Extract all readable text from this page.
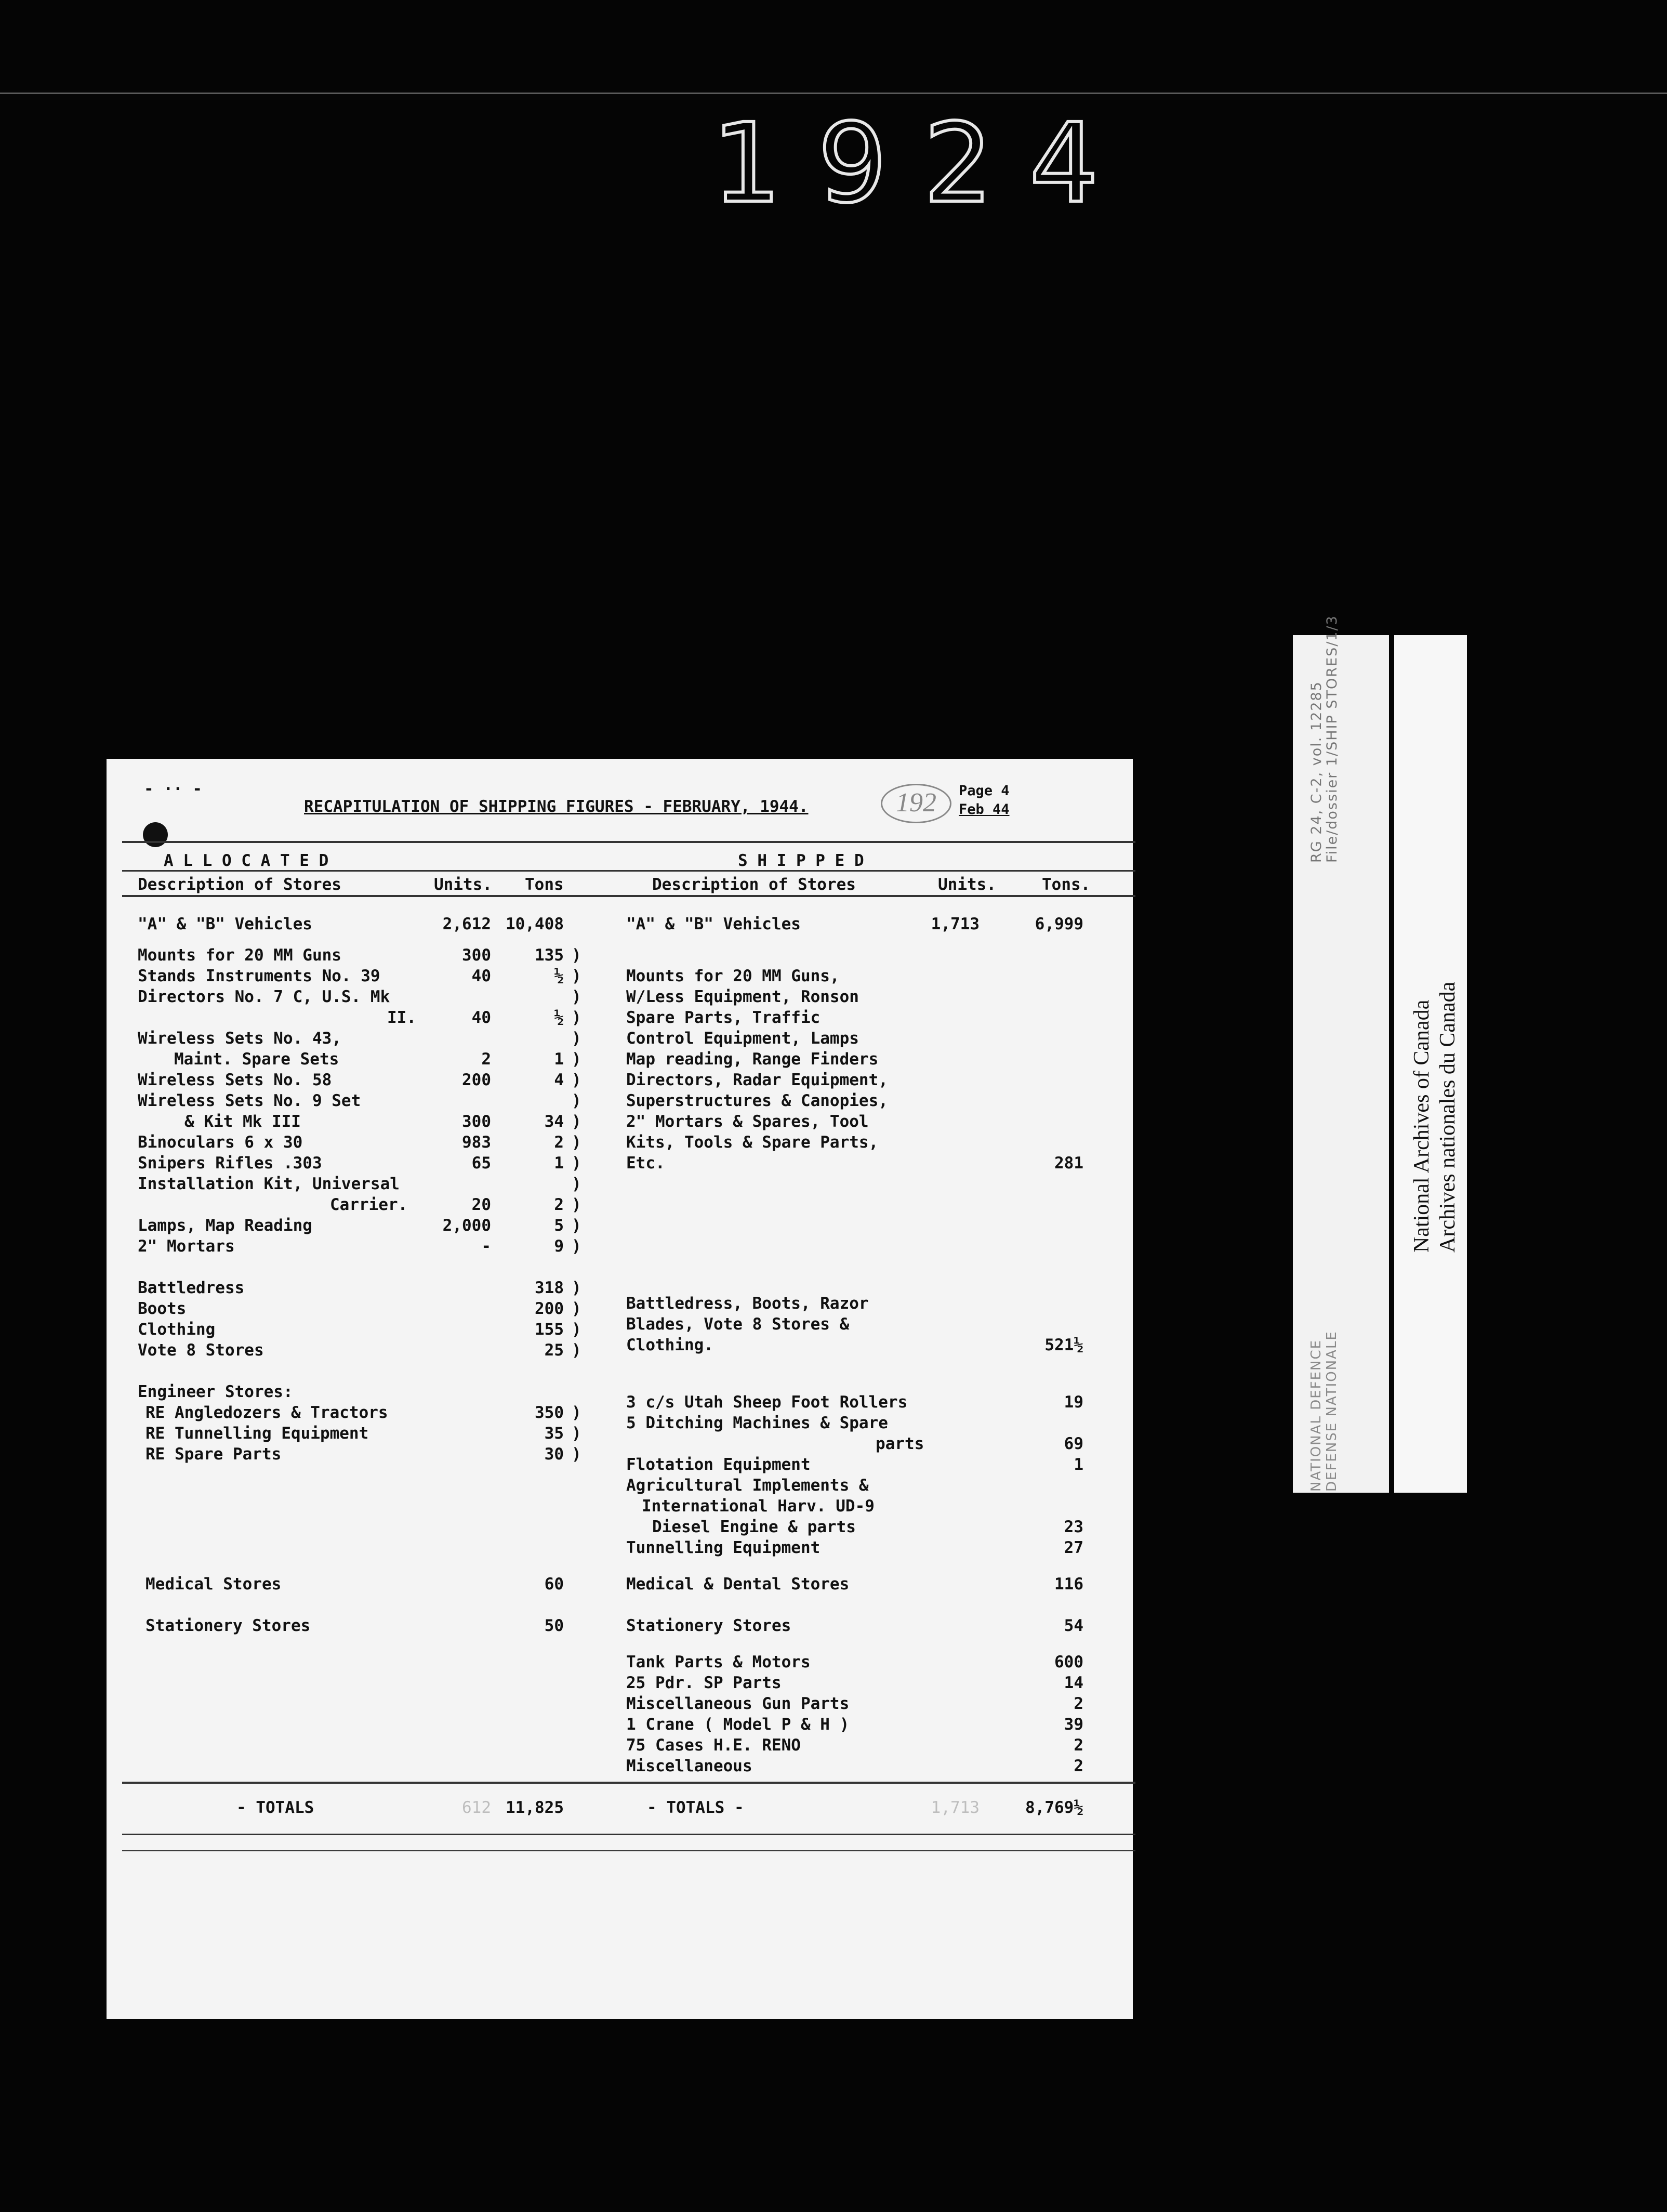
1924
NATIONAL DEFENCE DEFENSE NATIONALE
RG 24, C-2, vol. 12285 File/dossier 1/SHIP STORES/1/3
National Archives of Canada Archives nationales du Canada
- ·· -
RECAPITULATION OF SHIPPING FIGURES - FEBRUARY, 1944.	192	Page 4
Feb 44
A L L O C A T E D	S H I P P E D
Description of Stores	Units. Tons	Description of Stores	Units.	Tons.
"A" & "B" Vehicles	2,612 10,408
Mounts for 20 MM Guns	300	135
Stands Instruments No. 39	40	½
Directors No. 7 C, U.S. Mk
II.	40	½
Wireless Sets No. 43,
Maint. Spare Sets	2	1
Wireless Sets No. 58	200	4
Wireless Sets No. 9 Set
& Kit Mk III	300	34
Binoculars 6 x 30	983	2
Snipers Rifles .303	65	1
Installation Kit, Universal
Carrier.	20	2
Lamps, Map Reading	2,000	5
2" Mortars	-	9
)
)
)
)
)
)
)
)
)
)
)
)
)
)
)
Battledress	318
Boots	200
Clothing	155
Vote 8 Stores	25
)
)
)
)
Engineer Stores:
RE Angledozers & Tractors	350
RE Tunnelling Equipment	35
RE Spare Parts	30
)
)
)
Medical Stores	60
Stationery Stores	50
"A" & "B" Vehicles	1,713	6,999
Mounts for 20 MM Guns,
W/Less Equipment, Ronson
Spare Parts, Traffic
Control Equipment, Lamps
Map reading, Range Finders
Directors, Radar Equipment,
Superstructures & Canopies,
2" Mortars & Spares, Tool
Kits, Tools & Spare Parts,
Etc.	281
Battledress, Boots, Razor
Blades, Vote 8 Stores &
Clothing.	521½
3 c/s Utah Sheep Foot Rollers	19
5 Ditching Machines & Spare
parts	69
Flotation Equipment	1
Agricultural Implements &
International Harv. UD-9
Diesel Engine & parts	23
Tunnelling Equipment	27
Medical & Dental Stores	116
Stationery Stores	54
Tank Parts & Motors	600
25 Pdr. SP Parts	14
Miscellaneous Gun Parts	2
1 Crane ( Model P & H )	39
75 Cases H.E. RENO	2
Miscellaneous	2
- TOTALS	612 11,825	- TOTALS -	1,713	8,769½
